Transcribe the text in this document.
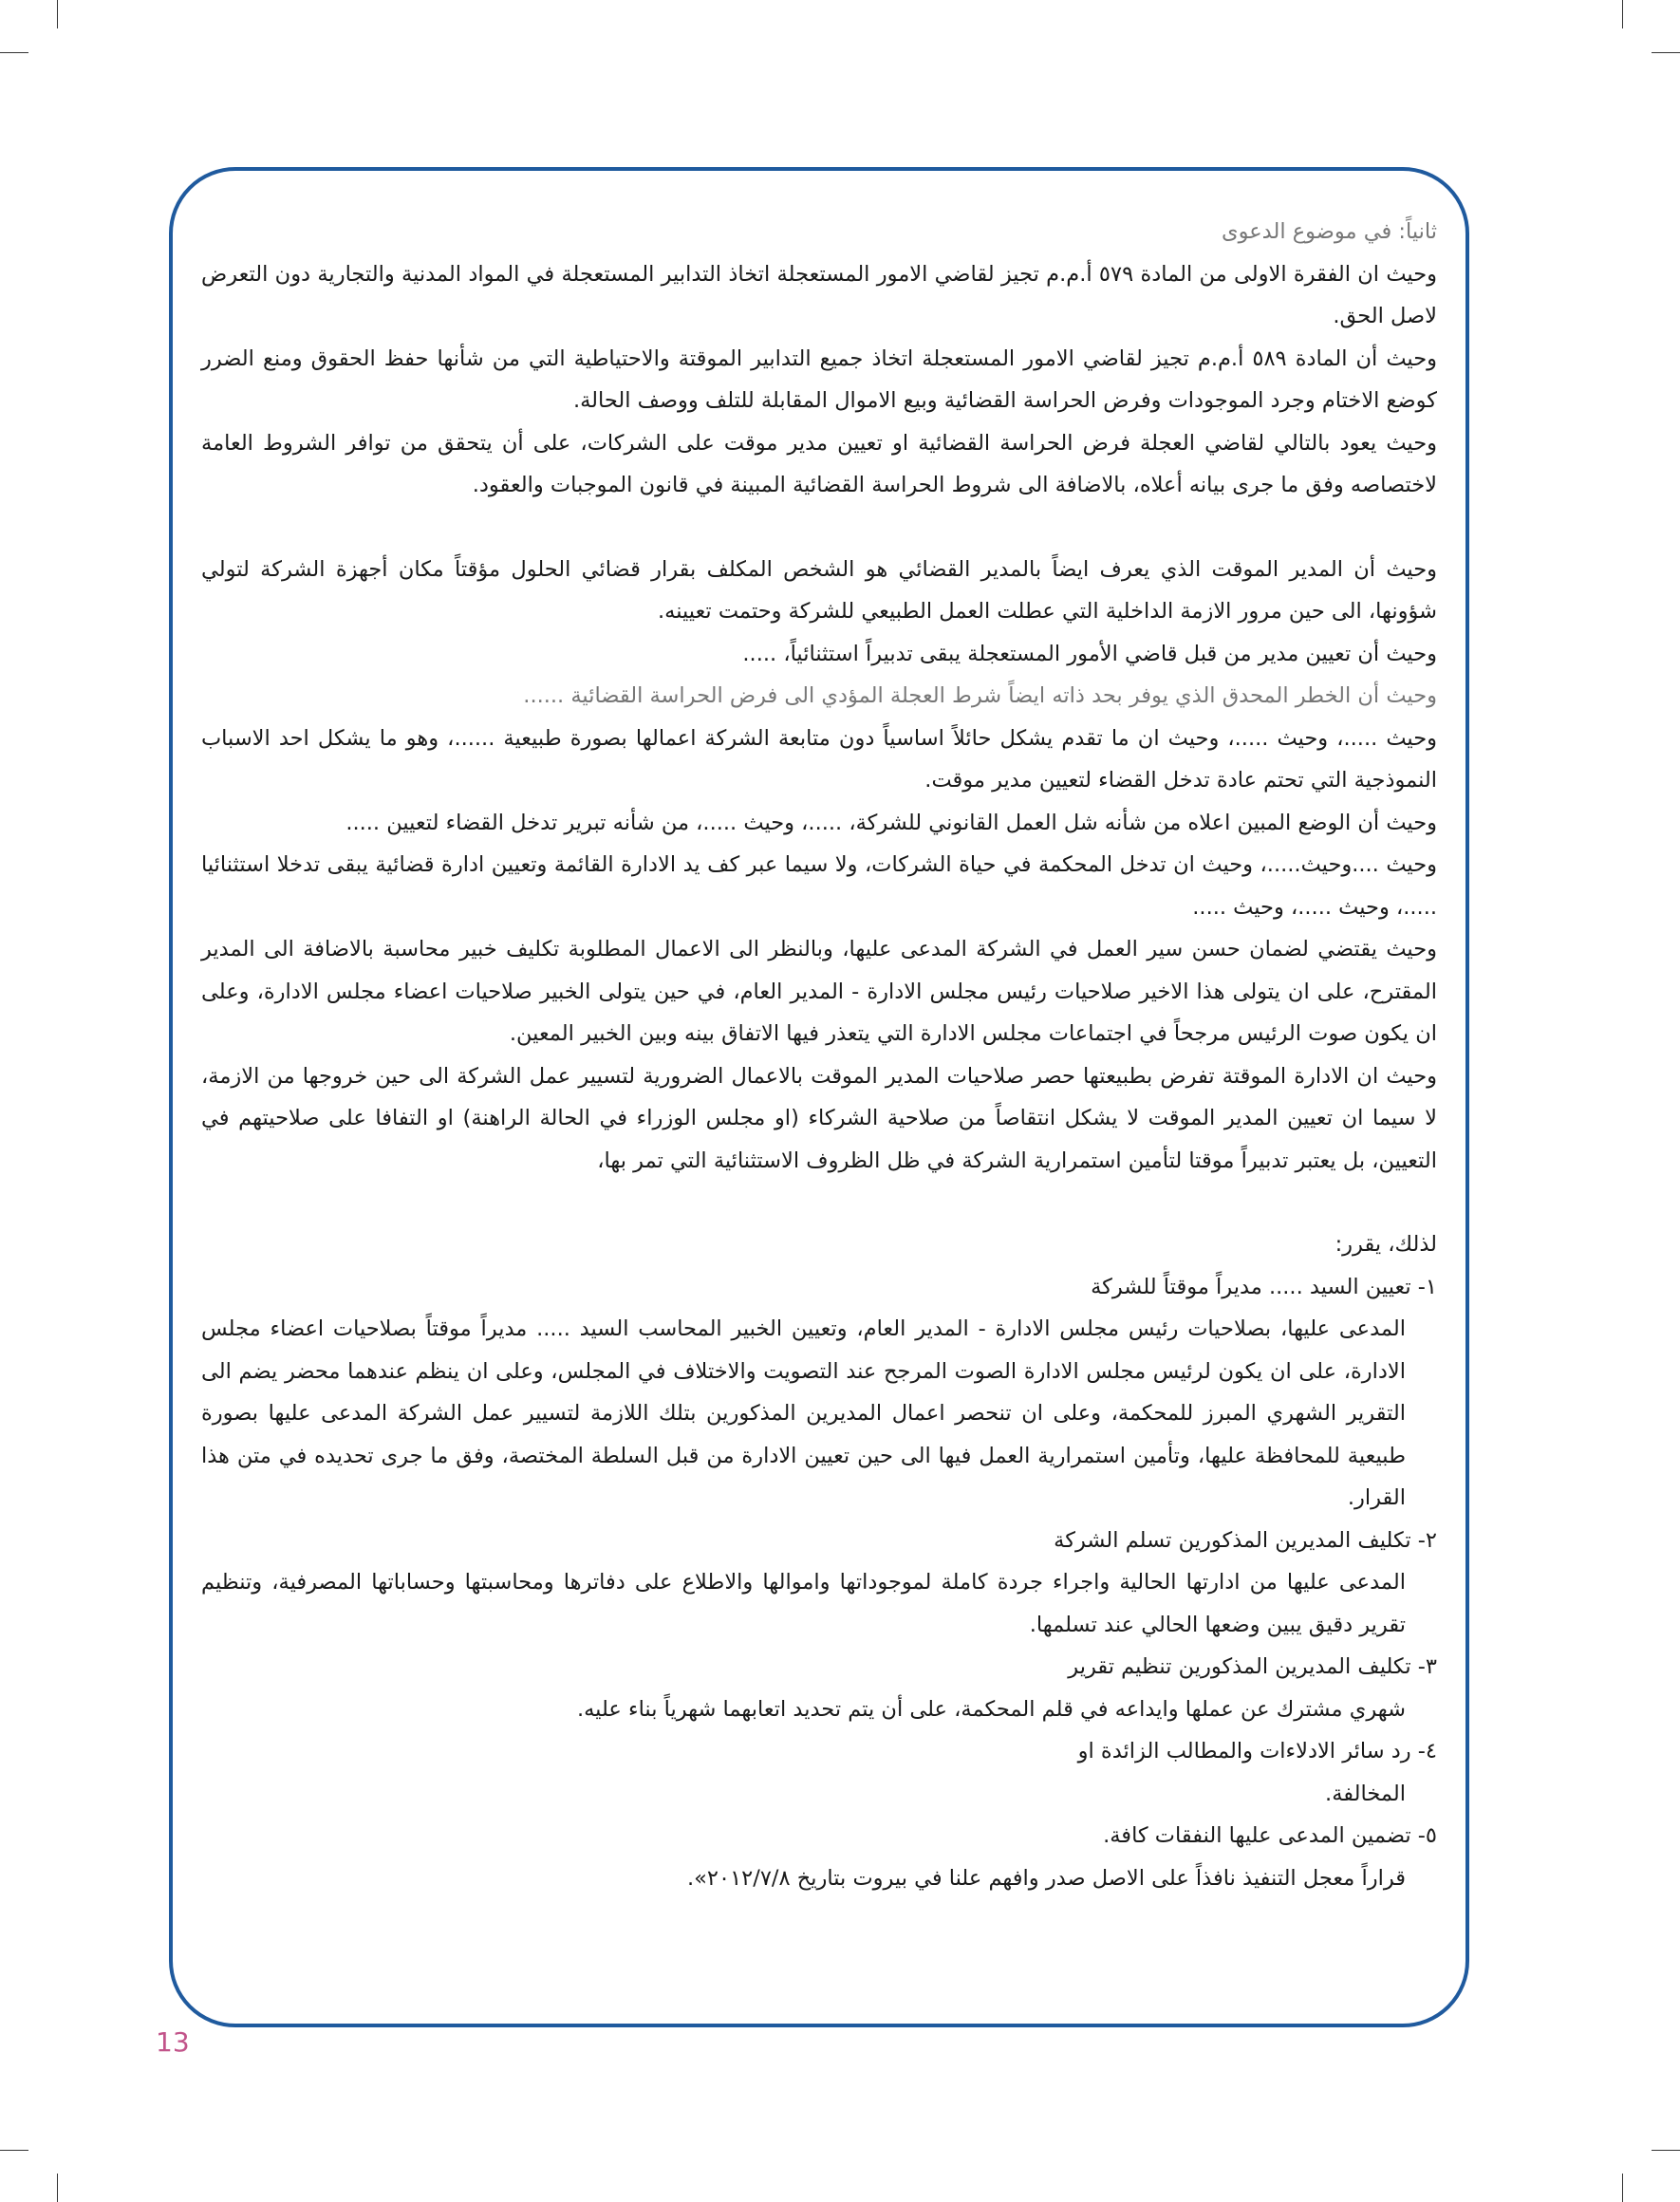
ثانياً: في موضوع الدعوى

وحيث ان الفقرة الاولى من المادة ٥٧٩ أ.م.م تجيز لقاضي الامور المستعجلة اتخاذ التدابير المستعجلة في المواد المدنية والتجارية دون التعرض لاصل الحق.

وحيث أن المادة ٥٨٩ أ.م.م تجيز لقاضي الامور المستعجلة اتخاذ جميع التدابير الموقتة والاحتياطية التي من شأنها حفظ الحقوق ومنع الضرر كوضع الاختام وجرد الموجودات وفرض الحراسة القضائية وبيع الاموال المقابلة للتلف ووصف الحالة.

وحيث يعود بالتالي لقاضي العجلة فرض الحراسة القضائية او تعيين مدير موقت على الشركات، على أن يتحقق من توافر الشروط العامة لاختصاصه وفق ما جرى بيانه أعلاه، بالاضافة الى شروط الحراسة القضائية المبينة في قانون الموجبات والعقود.

وحيث أن المدير الموقت الذي يعرف ايضاً بالمدير القضائي هو الشخص المكلف بقرار قضائي الحلول مؤقتاً مكان أجهزة الشركة لتولي شؤونها، الى حين مرور الازمة الداخلية التي عطلت العمل الطبيعي للشركة وحتمت تعيينه.

وحيث أن تعيين مدير من قبل قاضي الأمور المستعجلة يبقى تدبيراً استثنائياً، .....

وحيث أن الخطر المحدق الذي يوفر بحد ذاته ايضاً شرط العجلة المؤدي الى فرض الحراسة القضائية ......

وحيث .....، وحيث .....، وحيث ان ما تقدم يشكل حائلاً اساسياً دون متابعة الشركة اعمالها بصورة طبيعية ......، وهو ما يشكل احد الاسباب النموذجية التي تحتم عادة تدخل القضاء لتعيين مدير موقت.

وحيث أن الوضع المبين اعلاه من شأنه شل العمل القانوني للشركة، .....، وحيث .....، من شأنه تبرير تدخل القضاء لتعيين .....

وحيث ....وحيث.....، وحيث ان تدخل المحكمة في حياة الشركات، ولا سيما عبر كف يد الادارة القائمة وتعيين ادارة قضائية يبقى تدخلا استثنائيا .....، وحيث .....، وحيث .....

وحيث يقتضي لضمان حسن سير العمل في الشركة المدعى عليها، وبالنظر الى الاعمال المطلوبة تكليف خبير محاسبة بالاضافة الى المدير المقترح، على ان يتولى هذا الاخير صلاحيات رئيس مجلس الادارة - المدير العام، في حين يتولى الخبير صلاحيات اعضاء مجلس الادارة، وعلى ان يكون صوت الرئيس مرجحاً في اجتماعات مجلس الادارة التي يتعذر فيها الاتفاق بينه وبين الخبير المعين.

وحيث ان الادارة الموقتة تفرض بطبيعتها حصر صلاحيات المدير الموقت بالاعمال الضرورية لتسيير عمل الشركة الى حين خروجها من الازمة، لا سيما ان تعيين المدير الموقت لا يشكل انتقاصاً من صلاحية الشركاء (او مجلس الوزراء في الحالة الراهنة) او التفافا على صلاحيتهم في التعيين، بل يعتبر تدبيراً موقتا لتأمين استمرارية الشركة في ظل الظروف الاستثنائية التي تمر بها،

لذلك، يقرر:

١- تعيين السيد ..... مديراً موقتاً للشركة

المدعى عليها، بصلاحيات رئيس مجلس الادارة - المدير العام، وتعيين الخبير المحاسب السيد ..... مديراً موقتاً بصلاحيات اعضاء مجلس الادارة، على ان يكون لرئيس مجلس الادارة الصوت المرجح عند التصويت والاختلاف في المجلس، وعلى ان ينظم عندهما محضر يضم الى التقرير الشهري المبرز للمحكمة، وعلى ان تنحصر اعمال المديرين المذكورين بتلك اللازمة لتسيير عمل الشركة المدعى عليها بصورة طبيعية للمحافظة عليها، وتأمين استمرارية العمل فيها الى حين تعيين الادارة من قبل السلطة المختصة، وفق ما جرى تحديده في متن هذا القرار.

٢- تكليف المديرين المذكورين تسلم الشركة

المدعى عليها من ادارتها الحالية واجراء جردة كاملة لموجوداتها واموالها والاطلاع على دفاترها ومحاسبتها وحساباتها المصرفية، وتنظيم تقرير دقيق يبين وضعها الحالي عند تسلمها.

٣- تكليف المديرين المذكورين تنظيم تقرير

شهري مشترك عن عملها وايداعه في قلم المحكمة، على أن يتم تحديد اتعابهما شهرياً بناء عليه.

٤- رد سائر الادلاءات والمطالب الزائدة او

المخالفة.

٥- تضمين المدعى عليها النفقات كافة.

قراراً معجل التنفيذ نافذاً على الاصل صدر وافهم علنا في بيروت بتاريخ ٢٠١٢/٧/٨».

13
